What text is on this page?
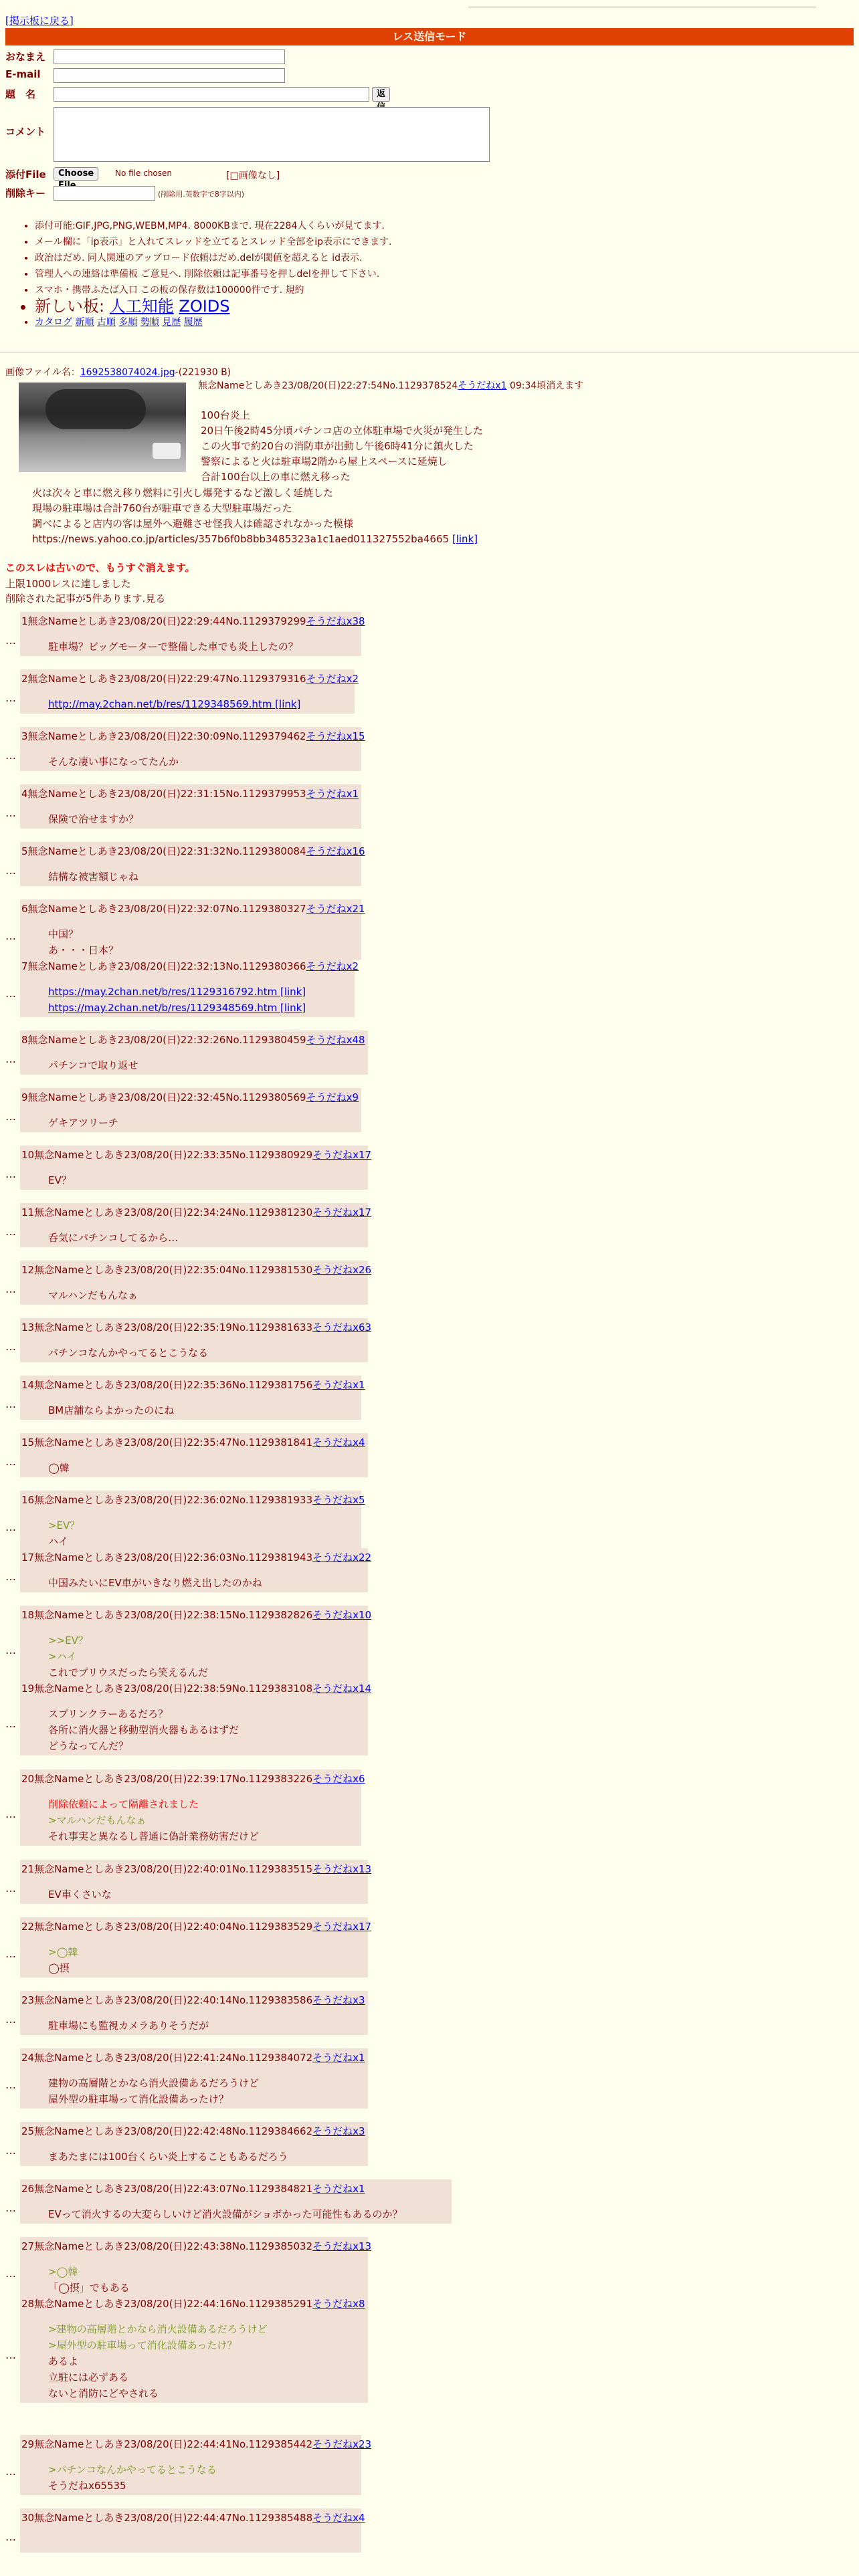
[掲示板に戻る]
レス送信モード
おなまえ
E-mail
題　名	返
コメント
添付File	Choose	No file chosen	[□画像なし]
削除キー	(削除用.英数字で8字以内)
• 添付可能:GIF,JPG,PNG,WEBM,MP4. 8000KBまで. 現在2284人くらいが見てます.
• メール欄に「ip表示」と入れてスレッドを立てるとスレッド全部をip表示にできます.
• 政治はだめ. 同人関連のアップロード依頼はだめ.delが閾値を超えると id表示.
• 管理人への連絡は準備板 ご意見へ. 削除依頼は記事番号を押しdelを押して下さい.
• スマホ・携帯ふたば入口 この板の保存数は100000件です. 規約
• 新しい板: 人工知能 ZOIDS
• カタログ 新順 古順 多順 勢順 見歴 履歴
画像ファイル名：1692538074024.jpg-(221930 B)
無念Nameとしあき23/08/20(日)22:27:54No.1129378524そうだねx1 09:34頃消えます
100台炎上
20日午後2時45分頃パチンコ店の立体駐車場で火災が発生した
この火事で約20台の消防車が出動し午後6時41分に鎮火した
警察によると火は駐車場2階から屋上スペースに延焼し
合計100台以上の車に燃え移った
火は次々と車に燃え移り燃料に引火し爆発するなど激しく延焼した
現場の駐車場は合計760台が駐車できる大型駐車場だった
調べによると店内の客は屋外へ避難させ怪我人は確認されなかった模様
https://news.yahoo.co.jp/articles/357b6f0b8bb3485323a1c1aed011327552ba4665 [link]
このスレは古いので、もうすぐ消えます。
上限1000レスに達しました
削除された記事が5件あります.見る
…
1無念Nameとしあき23/08/20(日)22:29:44No.1129379299そうだねx38
駐車場？ビッグモーターで整備した車でも炎上したの？
…
2無念Nameとしあき23/08/20(日)22:29:47No.1129379316そうだねx2
http://may.2chan.net/b/res/1129348569.htm [link]
…
3無念Nameとしあき23/08/20(日)22:30:09No.1129379462そうだねx15
そんな凄い事になってたんか
…
4無念Nameとしあき23/08/20(日)22:31:15No.1129379953そうだねx1
保険で治せますか？
…
5無念Nameとしあき23/08/20(日)22:31:32No.1129380084そうだねx16
結構な被害額じゃね
…
6無念Nameとしあき23/08/20(日)22:32:07No.1129380327そうだねx21
中国？
あ・・・日本？
…
7無念Nameとしあき23/08/20(日)22:32:13No.1129380366そうだねx2
https://may.2chan.net/b/res/1129316792.htm [link]
https://may.2chan.net/b/res/1129348569.htm [link]
…
8無念Nameとしあき23/08/20(日)22:32:26No.1129380459そうだねx48
パチンコで取り返せ
…
9無念Nameとしあき23/08/20(日)22:32:45No.1129380569そうだねx9
ゲキアツリーチ
…
10無念Nameとしあき23/08/20(日)22:33:35No.1129380929そうだねx17
EV？
…
11無念Nameとしあき23/08/20(日)22:34:24No.1129381230そうだねx17
呑気にパチンコしてるから…
…
12無念Nameとしあき23/08/20(日)22:35:04No.1129381530そうだねx26
マルハンだもんなぁ
…
13無念Nameとしあき23/08/20(日)22:35:19No.1129381633そうだねx63
パチンコなんかやってるとこうなる
…
14無念Nameとしあき23/08/20(日)22:35:36No.1129381756そうだねx1
BM店舗ならよかったのにね
…
15無念Nameとしあき23/08/20(日)22:35:47No.1129381841そうだねx4
◯韓
…
16無念Nameとしあき23/08/20(日)22:36:02No.1129381933そうだねx5
>EV？
ハイ
…
17無念Nameとしあき23/08/20(日)22:36:03No.1129381943そうだねx22
中国みたいにEV車がいきなり燃え出したのかね
…
18無念Nameとしあき23/08/20(日)22:38:15No.1129382826そうだねx10
>>EV？
>ハイ
これでプリウスだったら笑えるんだ
…
19無念Nameとしあき23/08/20(日)22:38:59No.1129383108そうだねx14
スプリンクラーあるだろ？
各所に消火器と移動型消火器もあるはずだ
どうなってんだ？
…
20無念Nameとしあき23/08/20(日)22:39:17No.1129383226そうだねx6
削除依頼によって隔離されました
>マルハンだもんなぁ
それ事実と異なるし普通に偽計業務妨害だけど
…
21無念Nameとしあき23/08/20(日)22:40:01No.1129383515そうだねx13
EV車くさいな
…
22無念Nameとしあき23/08/20(日)22:40:04No.1129383529そうだねx17
>◯韓
◯摂
…
23無念Nameとしあき23/08/20(日)22:40:14No.1129383586そうだねx3
駐車場にも監視カメラありそうだが
…
24無念Nameとしあき23/08/20(日)22:41:24No.1129384072そうだねx1
建物の高層階とかなら消火設備あるだろうけど
屋外型の駐車場って消化設備あったけ？
…
25無念Nameとしあき23/08/20(日)22:42:48No.1129384662そうだねx3
まあたまには100台くらい炎上することもあるだろう
…
26無念Nameとしあき23/08/20(日)22:43:07No.1129384821そうだねx1
EVって消火するの大変らしいけど消火設備がショボかった可能性もあるのか？
…
27無念Nameとしあき23/08/20(日)22:43:38No.1129385032そうだねx13
>◯韓
「◯摂」でもある
…
28無念Nameとしあき23/08/20(日)22:44:16No.1129385291そうだねx8
>建物の高層階とかなら消火設備あるだろうけど
>屋外型の駐車場って消化設備あったけ？
あるよ
立駐には必ずある
ないと消防にどやされる
…
29無念Nameとしあき23/08/20(日)22:44:41No.1129385442そうだねx23
>パチンコなんかやってるとこうなる
そうだねx65535
…
30無念Nameとしあき23/08/20(日)22:44:47No.1129385488そうだねx4
